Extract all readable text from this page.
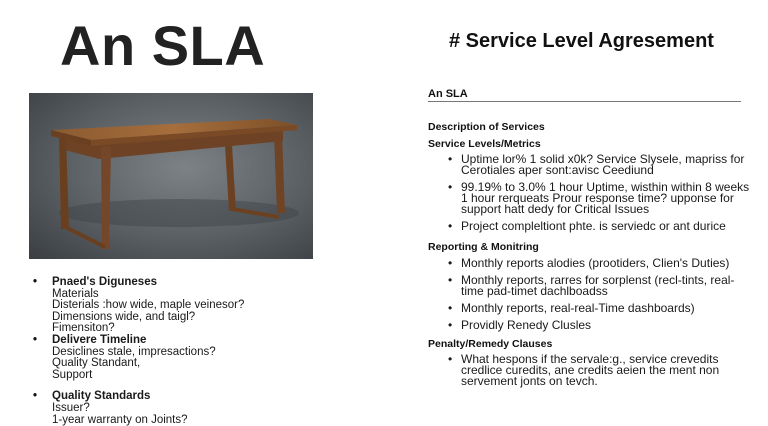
An SLA
• Pnaed's Diguneses
Materials
Disterials :how wide, maple veinesor?
Dimensions wide, and taigl?
Fimensiton?
• Delivere Timeline
Desiclines stale, impresactions?
Quality Standant,
Support
• Quality Standards
Issuer?
1-year warranty on Joints?
# Service Level Agresement

An SLA

Description of Services

Service Levels/Metrics

• Uptime lor% 1 solid x0k? Service Slysele, mapriss for Cerotiales aper sont:avisc Ceediund
• 99.19% to 3.0% 1 hour Uptime, wisthin within 8 weeks 1 hour rerqueats Prour response time? upponse for support hatt dedy for Critical Issues
• Project compleltiont phte. is serviedc or ant durice

Reporting & Monitring

• Monthly reports alodies (prootiders, Clien's Duties)
• Monthly reports, rarres for sorplenst (recl-tints, real-time pad-timet dachlboadss
• Monthly reports, real-real-Time dashboards)
• Providly Renedy Clusles

Penalty/Remedy Clauses

• What hespons if the servale:g., service crevedits credlice curedits, ane credits aeien the ment non servement jonts on tevch.
